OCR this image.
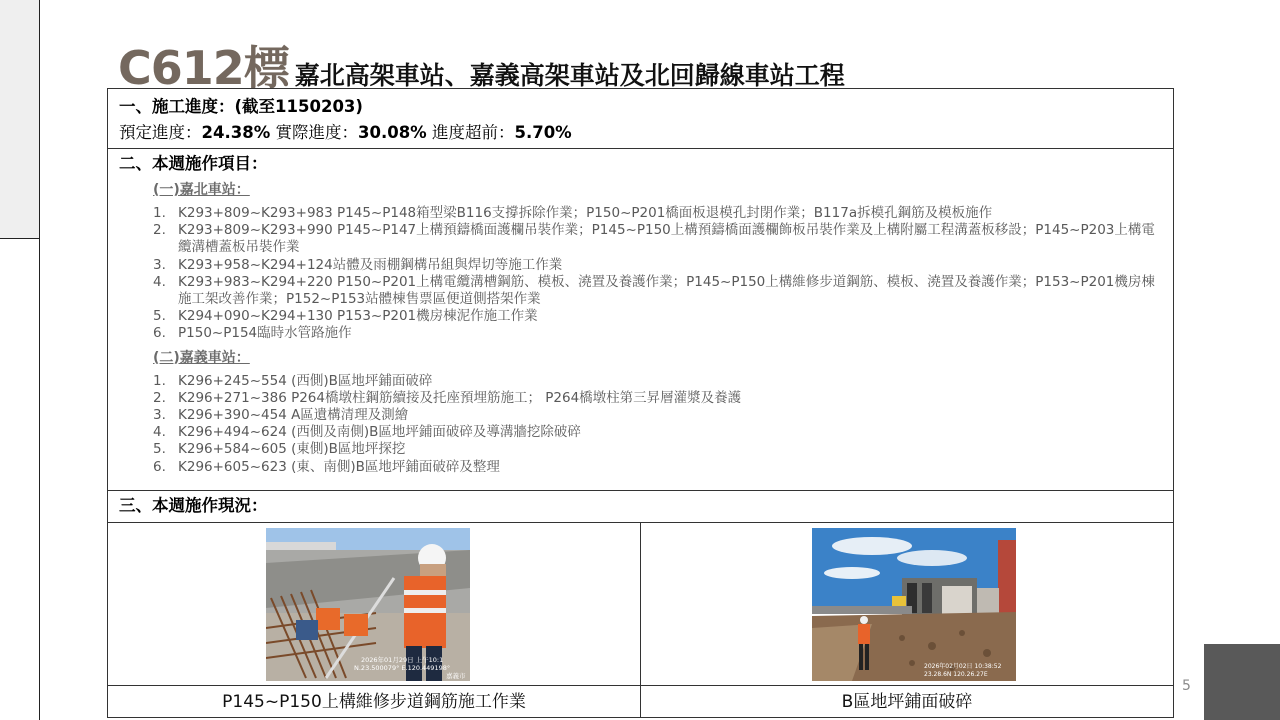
C612標 嘉北高架車站、嘉義高架車站及北回歸線車站工程
一、施工進度：(截至1150203)
預定進度：24.38% 實際進度：30.08% 進度超前：5.70%
二、本週施作項目：
(一)嘉北車站：
1. K293+809~K293+983 P145~P148箱型梁B116支撐拆除作業；P150~P201橋面板退模孔封閉作業；B117a拆模孔鋼筋及模板施作
2. K293+809~K293+990 P145~P147上構預鑄橋面護欄吊裝作業；P145~P150上構預鑄橋面護欄飾板吊裝作業及上構附屬工程溝蓋板移設；P145~P203上構電纜溝槽蓋板吊裝作業
3. K293+958~K294+124站體及雨棚鋼構吊組與焊切等施工作業
4. K293+983~K294+220 P150~P201上構電纜溝槽鋼筋、模板、澆置及養護作業；P145~P150上構維修步道鋼筋、模板、澆置及養護作業；P153~P201機房棟施工架改善作業；P152~P153站體棟售票區便道側搭架作業
5. K294+090~K294+130 P153~P201機房棟泥作施工作業
6. P150~P154臨時水管路施作
(二)嘉義車站：
1. K296+245~554 (西側)B區地坪鋪面破碎
2. K296+271~386 P264橋墩柱鋼筋續接及托座預埋筋施工； P264橋墩柱第三昇層灌漿及養護
3. K296+390~454 A區遺構清理及測繪
4. K296+494~624 (西側及南側)B區地坪鋪面破碎及導溝牆挖除破碎
5. K296+584~605 (東側)B區地坪探挖
6. K296+605~623 (東、南側)B區地坪鋪面破碎及整理
三、本週施作現況：
2026年01月29日 上午10:1
N.23.500079° E.120.449198°
嘉義市
P145~P150上構維修步道鋼筋施工作業
2026年02月02日 10:38:52
23.28.6N 120.26.27E
B區地坪鋪面破碎
5
